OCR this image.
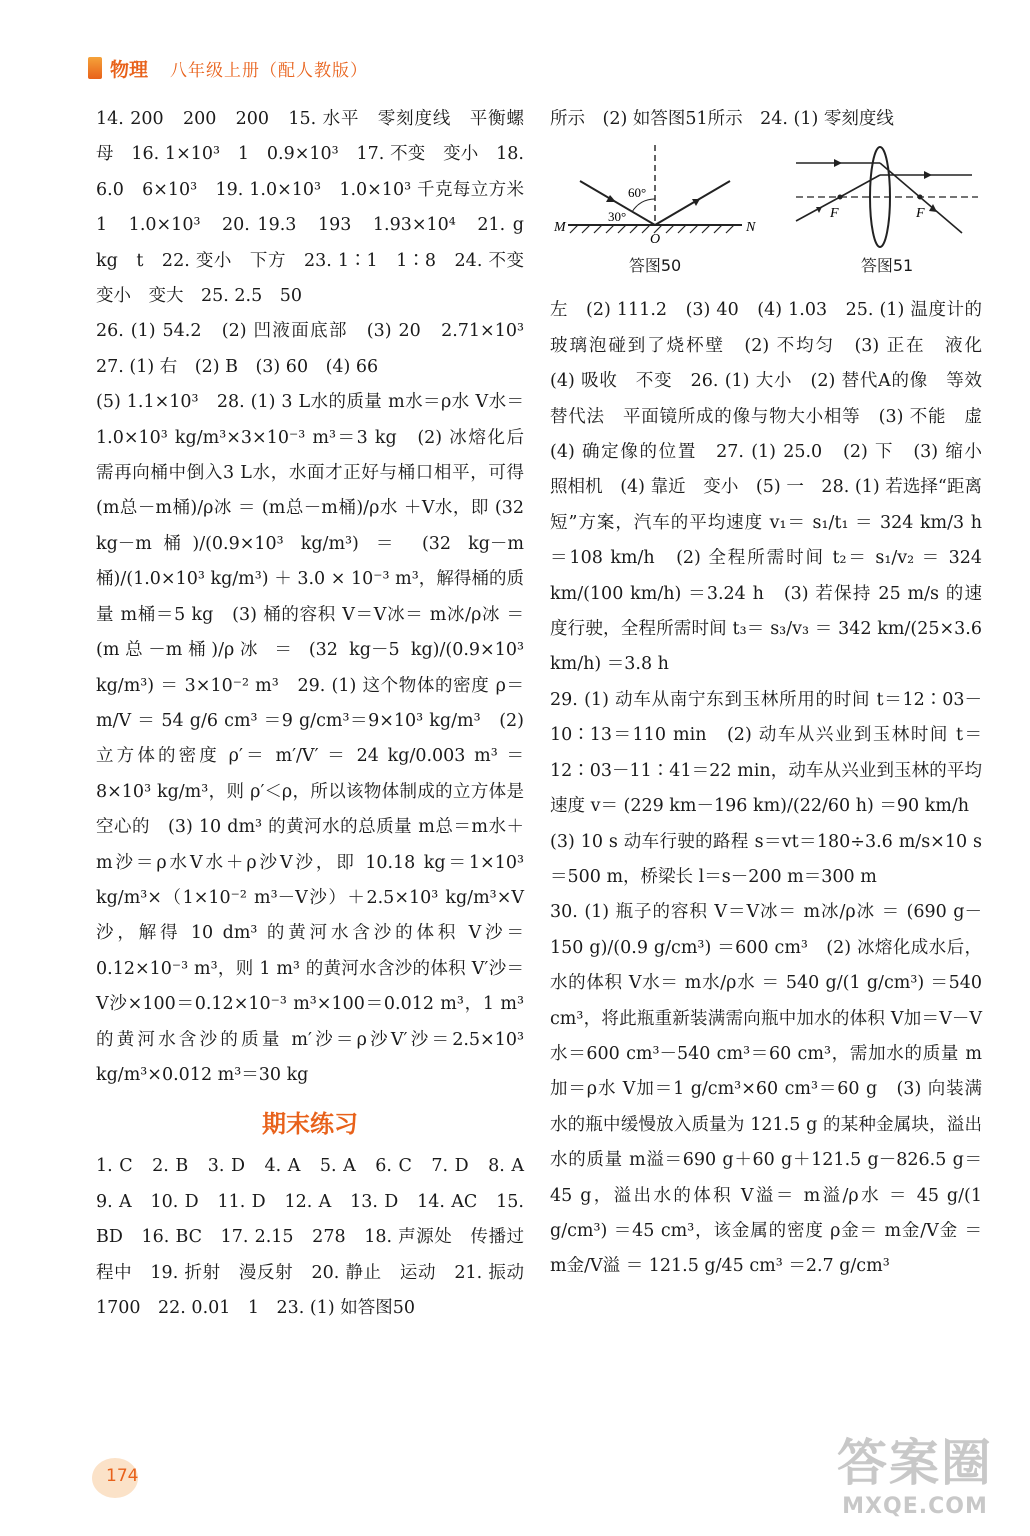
物理 八年级上册（配人教版）

14. 200　200　200　15. 水平　零刻度线　平衡螺母　16. 1×10³　1　0.9×10³　17. 不变　变小　18. 6.0　6×10³　19. 1.0×10³　1.0×10³ 千克每立方米　1　1.0×10³　20. 19.3　193　1.93×10⁴　21. g　kg　t　22. 变小　下方　23. 1∶1　1∶8　24. 不变　变小　变大　25. 2.5　50

26. (1) 54.2　(2) 凹液面底部　(3) 20　2.71×10³　27. (1) 右　(2) B　(3) 60　(4) 66

(5) 1.1×10³　28. (1) 3 L水的质量 m水＝ρ水 V水＝1.0×10³ kg/m³×3×10⁻³ m³＝3 kg　(2) 冰熔化后需再向桶中倒入3 L水，水面才正好与桶口相平，可得 (m总－m桶)/ρ冰 ＝ (m总－m桶)/ρ水 ＋V水，即 (32 kg－m桶)/(0.9×10³ kg/m³) ＝ (32 kg－m桶)/(1.0×10³ kg/m³) ＋ 3.0 × 10⁻³ m³，解得桶的质量 m桶＝5 kg　(3) 桶的容积 V＝V冰＝ m冰/ρ冰 ＝ (m总－m桶)/ρ冰 ＝ (32 kg－5 kg)/(0.9×10³ kg/m³) ＝ 3×10⁻² m³　29. (1) 这个物体的密度 ρ＝ m/V ＝ 54 g/6 cm³ ＝9 g/cm³＝9×10³ kg/m³　(2) 立方体的密度 ρ′＝ m′/V′ ＝ 24 kg/0.003 m³ ＝8×10³ kg/m³，则 ρ′＜ρ，所以该物体制成的立方体是空心的　(3) 10 dm³ 的黄河水的总质量 m总＝m水＋m沙＝ρ水V水＋ρ沙V沙，即 10.18 kg＝1×10³ kg/m³×（1×10⁻² m³－V沙）＋2.5×10³ kg/m³×V沙，解得 10 dm³ 的黄河水含沙的体积 V沙＝0.12×10⁻³ m³，则 1 m³ 的黄河水含沙的体积 V′沙＝V沙×100＝0.12×10⁻³ m³×100＝0.012 m³，1 m³ 的黄河水含沙的质量 m′沙＝ρ沙V′沙＝2.5×10³ kg/m³×0.012 m³＝30 kg

期末练习

1. C　2. B　3. D　4. A　5. A　6. C　7. D　8. A　9. A　10. D　11. D　12. A　13. D　14. AC　15. BD　16. BC　17. 2.15　278　18. 声源处　传播过程中　19. 折射　漫反射　20. 静止　运动　21. 振动　1700　22. 0.01　1　23. (1) 如答图50

所示　(2) 如答图51所示　24. (1) 零刻度线

60°
30°
M	N
O
答图50
F	F
答图51

左　(2) 111.2　(3) 40　(4) 1.03　25. (1) 温度计的玻璃泡碰到了烧杯壁　(2) 不均匀　(3) 正在　液化　(4) 吸收　不变　26. (1) 大小　(2) 替代A的像　等效替代法　平面镜所成的像与物大小相等　(3) 不能　虚　(4) 确定像的位置　27. (1) 25.0　(2) 下　(3) 缩小　照相机　(4) 靠近　变小　(5) 一　28. (1) 若选择“距离短”方案，汽车的平均速度 v₁＝ s₁/t₁ ＝ 324 km/3 h ＝108 km/h　(2) 全程所需时间 t₂＝ s₁/v₂ ＝ 324 km/(100 km/h) ＝3.24 h　(3) 若保持 25 m/s 的速度行驶，全程所需时间 t₃＝ s₃/v₃ ＝ 342 km/(25×3.6 km/h) ＝3.8 h

29. (1) 动车从南宁东到玉林所用的时间 t＝12∶03－10∶13＝110 min　(2) 动车从兴业到玉林时间 t＝12∶03－11∶41＝22 min，动车从兴业到玉林的平均速度 v＝ (229 km－196 km)/(22/60 h) ＝90 km/h

(3) 10 s 动车行驶的路程 s＝vt＝180÷3.6 m/s×10 s＝500 m，桥梁长 l＝s－200 m＝300 m

30. (1) 瓶子的容积 V＝V冰＝ m冰/ρ冰 ＝ (690 g－150 g)/(0.9 g/cm³) ＝600 cm³　(2) 冰熔化成水后，水的体积 V水＝ m水/ρ水 ＝ 540 g/(1 g/cm³) ＝540 cm³，将此瓶重新装满需向瓶中加水的体积 V加＝V－V水＝600 cm³－540 cm³＝60 cm³，需加水的质量 m加＝ρ水 V加＝1 g/cm³×60 cm³＝60 g　(3) 向装满水的瓶中缓慢放入质量为 121.5 g 的某种金属块，溢出水的质量 m溢＝690 g＋60 g＋121.5 g－826.5 g＝45 g，溢出水的体积 V溢＝ m溢/ρ水 ＝ 45 g/(1 g/cm³) ＝45 cm³，该金属的密度 ρ金＝ m金/V金 ＝ m金/V溢 ＝ 121.5 g/45 cm³ ＝2.7 g/cm³

174	答案圈
MXQE.COM
